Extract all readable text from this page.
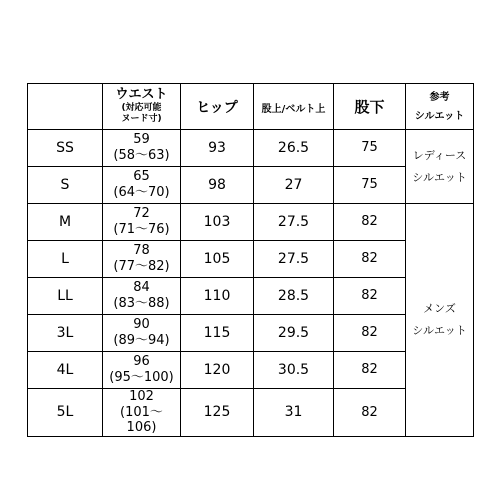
	ウエスト
(対応可能
ヌード寸)	ヒップ	股上/ベルト上	股下	参考
シルエット

SS	59
(58〜63)	93	26.5	75	レディース
シルエット

S	65
(64〜70)	98	27	75	
M	72
(71〜76)	103	27.5	82	メンズ
シルエット

L	78
(77〜82)	105	27.5	82	
LL	84
(83〜88)	110	28.5	82	
3L	90
(89〜94)	115	29.5	82	
4L	96
(95〜100)	120	30.5	82	
5L	102
(101〜
106)	125	31	82	
